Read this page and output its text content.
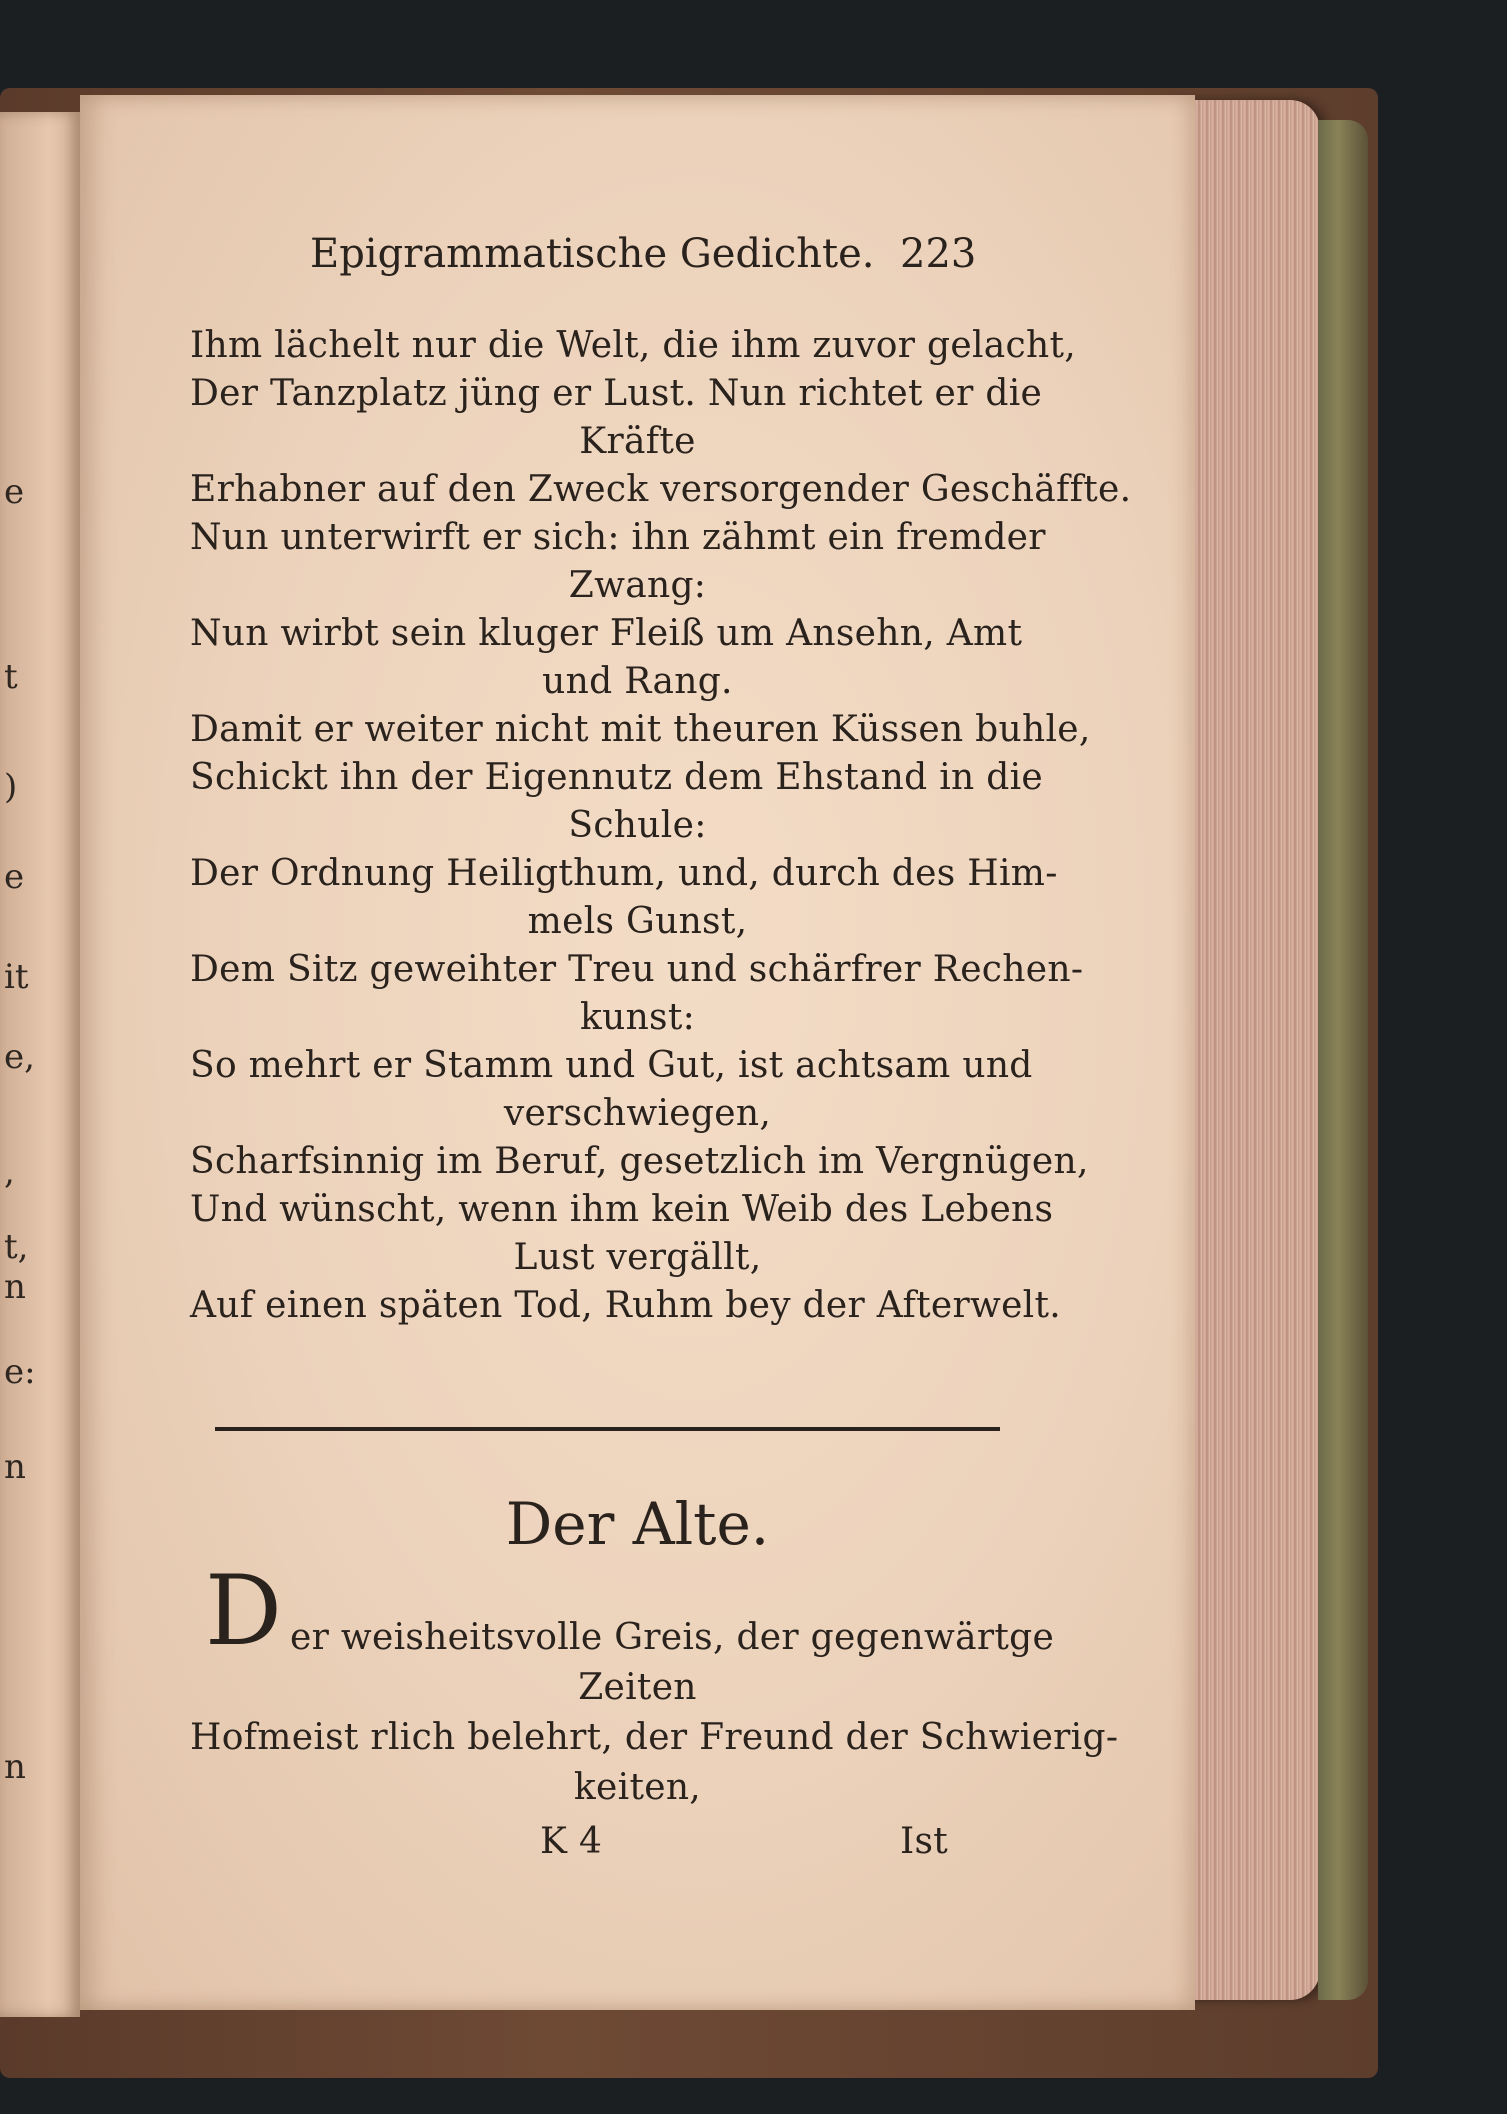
e
t
)
e
it
e,
,
t,
n
e:
n
n
Epigrammatische Gedichte. 223
Ihm lächelt nur die Welt, die ihm zuvor gelacht,
Der Tanzplatz jüng er Lust. Nun richtet er die
Kräfte
Erhabner auf den Zweck versorgender Geschäffte.
Nun unterwirft er sich: ihn zähmt ein fremder
Zwang:
Nun wirbt sein kluger Fleiß um Ansehn, Amt
und Rang.
Damit er weiter nicht mit theuren Küssen buhle,
Schickt ihn der Eigennutz dem Ehstand in die
Schule:
Der Ordnung Heiligthum, und, durch des Him-
mels Gunst,
Dem Sitz geweihter Treu und schärfrer Rechen-
kunst:
So mehrt er Stamm und Gut, ist achtsam und
verschwiegen,
Scharfsinnig im Beruf, gesetzlich im Vergnügen,
Und wünscht, wenn ihm kein Weib des Lebens
Lust vergällt,
Auf einen späten Tod, Ruhm bey der Afterwelt.
Der Alte.
D er weisheitsvolle Greis, der gegenwärtge
Zeiten
Hofmeist rlich belehrt, der Freund der Schwierig-
keiten,
K 4	Ist
